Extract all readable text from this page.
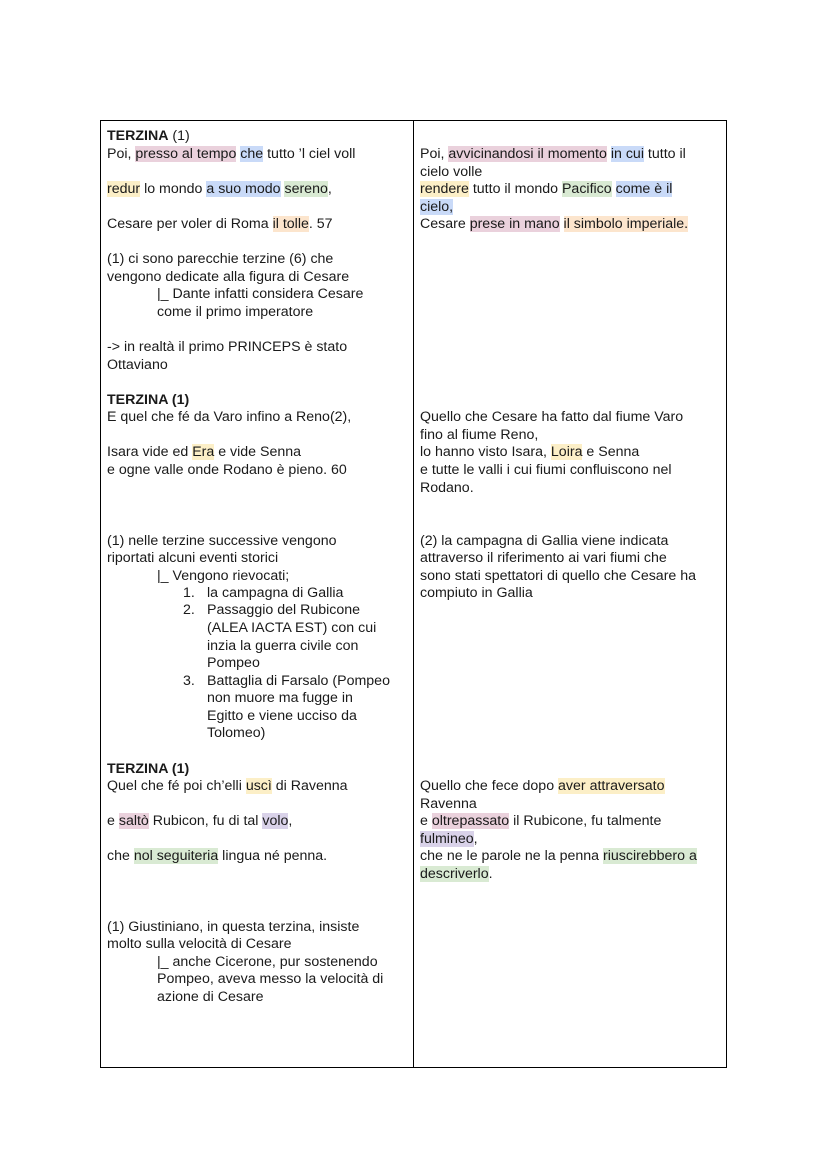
TERZINA (1)
Poi, presso al tempo che tutto ’l ciel voll
redur lo mondo a suo modo sereno,
Cesare per voler di Roma il tolle. 57
(1) ci sono parecchie terzine (6) che
vengono dedicate alla figura di Cesare
|_ Dante infatti considera Cesare
come il primo imperatore
-> in realtà il primo PRINCEPS è stato
Ottaviano
TERZINA (1)
E quel che fé da Varo infino a Reno(2),
Isara vide ed Era e vide Senna
e ogne valle onde Rodano è pieno. 60
(1) nelle terzine successive vengono
riportati alcuni eventi storici
|_ Vengono rievocati;
1. la campagna di Gallia
2. Passaggio del Rubicone
(ALEA IACTA EST) con cui
inzia la guerra civile con
Pompeo
3. Battaglia di Farsalo (Pompeo
non muore ma fugge in
Egitto e viene ucciso da
Tolomeo)
TERZINA (1)
Quel che fé poi ch’elli uscì di Ravenna
e saltò Rubicon, fu di tal volo,
che nol seguiteria lingua né penna.
(1) Giustiniano, in questa terzina, insiste
molto sulla velocità di Cesare
|_ anche Cicerone, pur sostenendo
Pompeo, aveva messo la velocità di
azione di Cesare
Poi, avvicinandosi il momento in cui tutto il
cielo volle
rendere tutto il mondo Pacifico come è il
cielo,
Cesare prese in mano il simbolo imperiale.
Quello che Cesare ha fatto dal fiume Varo
fino al fiume Reno,
lo hanno visto Isara, Loira e Senna
e tutte le valli i cui fiumi confluiscono nel
Rodano.
(2) la campagna di Gallia viene indicata
attraverso il riferimento ai vari fiumi che
sono stati spettatori di quello che Cesare ha
compiuto in Gallia
Quello che fece dopo aver attraversato
Ravenna
e oltrepassato il Rubicone, fu talmente
fulmineo,
che ne le parole ne la penna riuscirebbero a
descriverlo.
